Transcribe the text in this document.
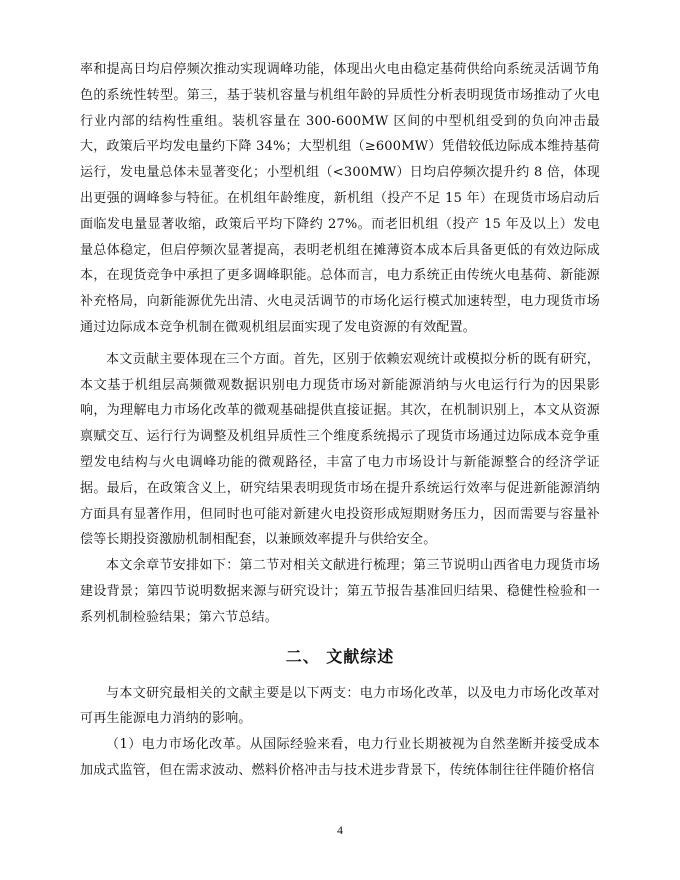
率和提高日均启停频次推动实现调峰功能，体现出火电由稳定基荷供给向系统灵活调节角色的系统性转型。第三，基于装机容量与机组年龄的异质性分析表明现货市场推动了火电行业内部的结构性重组。装机容量在 300-600MW 区间的中型机组受到的负向冲击最大，政策后平均发电量约下降 34%；大型机组（≥600MW）凭借较低边际成本维持基荷运行，发电量总体未显著变化；小型机组（<300MW）日均启停频次提升约 8 倍，体现出更强的调峰参与特征。在机组年龄维度，新机组（投产不足 15 年）在现货市场启动后面临发电量显著收缩，政策后平均下降约 27%。而老旧机组（投产 15 年及以上）发电量总体稳定，但启停频次显著提高，表明老机组在摊薄资本成本后具备更低的有效边际成本，在现货竞争中承担了更多调峰职能。总体而言，电力系统正由传统火电基荷、新能源补充格局，向新能源优先出清、火电灵活调节的市场化运行模式加速转型，电力现货市场通过边际成本竞争机制在微观机组层面实现了发电资源的有效配置。

本文贡献主要体现在三个方面。首先，区别于依赖宏观统计或模拟分析的既有研究，本文基于机组层高频微观数据识别电力现货市场对新能源消纳与火电运行行为的因果影响，为理解电力市场化改革的微观基础提供直接证据。其次，在机制识别上，本文从资源禀赋交互、运行行为调整及机组异质性三个维度系统揭示了现货市场通过边际成本竞争重塑发电结构与火电调峰功能的微观路径，丰富了电力市场设计与新能源整合的经济学证据。最后，在政策含义上，研究结果表明现货市场在提升系统运行效率与促进新能源消纳方面具有显著作用，但同时也可能对新建火电投资形成短期财务压力，因而需要与容量补偿等长期投资激励机制相配套，以兼顾效率提升与供给安全。

本文余章节安排如下：第二节对相关文献进行梳理；第三节说明山西省电力现货市场建设背景；第四节说明数据来源与研究设计；第五节报告基准回归结果、稳健性检验和一系列机制检验结果；第六节总结。

二、 文献综述

与本文研究最相关的文献主要是以下两支：电力市场化改革，以及电力市场化改革对可再生能源电力消纳的影响。

（1）电力市场化改革。从国际经验来看，电力行业长期被视为自然垄断并接受成本加成式监管，但在需求波动、燃料价格冲击与技术进步背景下，传统体制往往伴随价格信

4
